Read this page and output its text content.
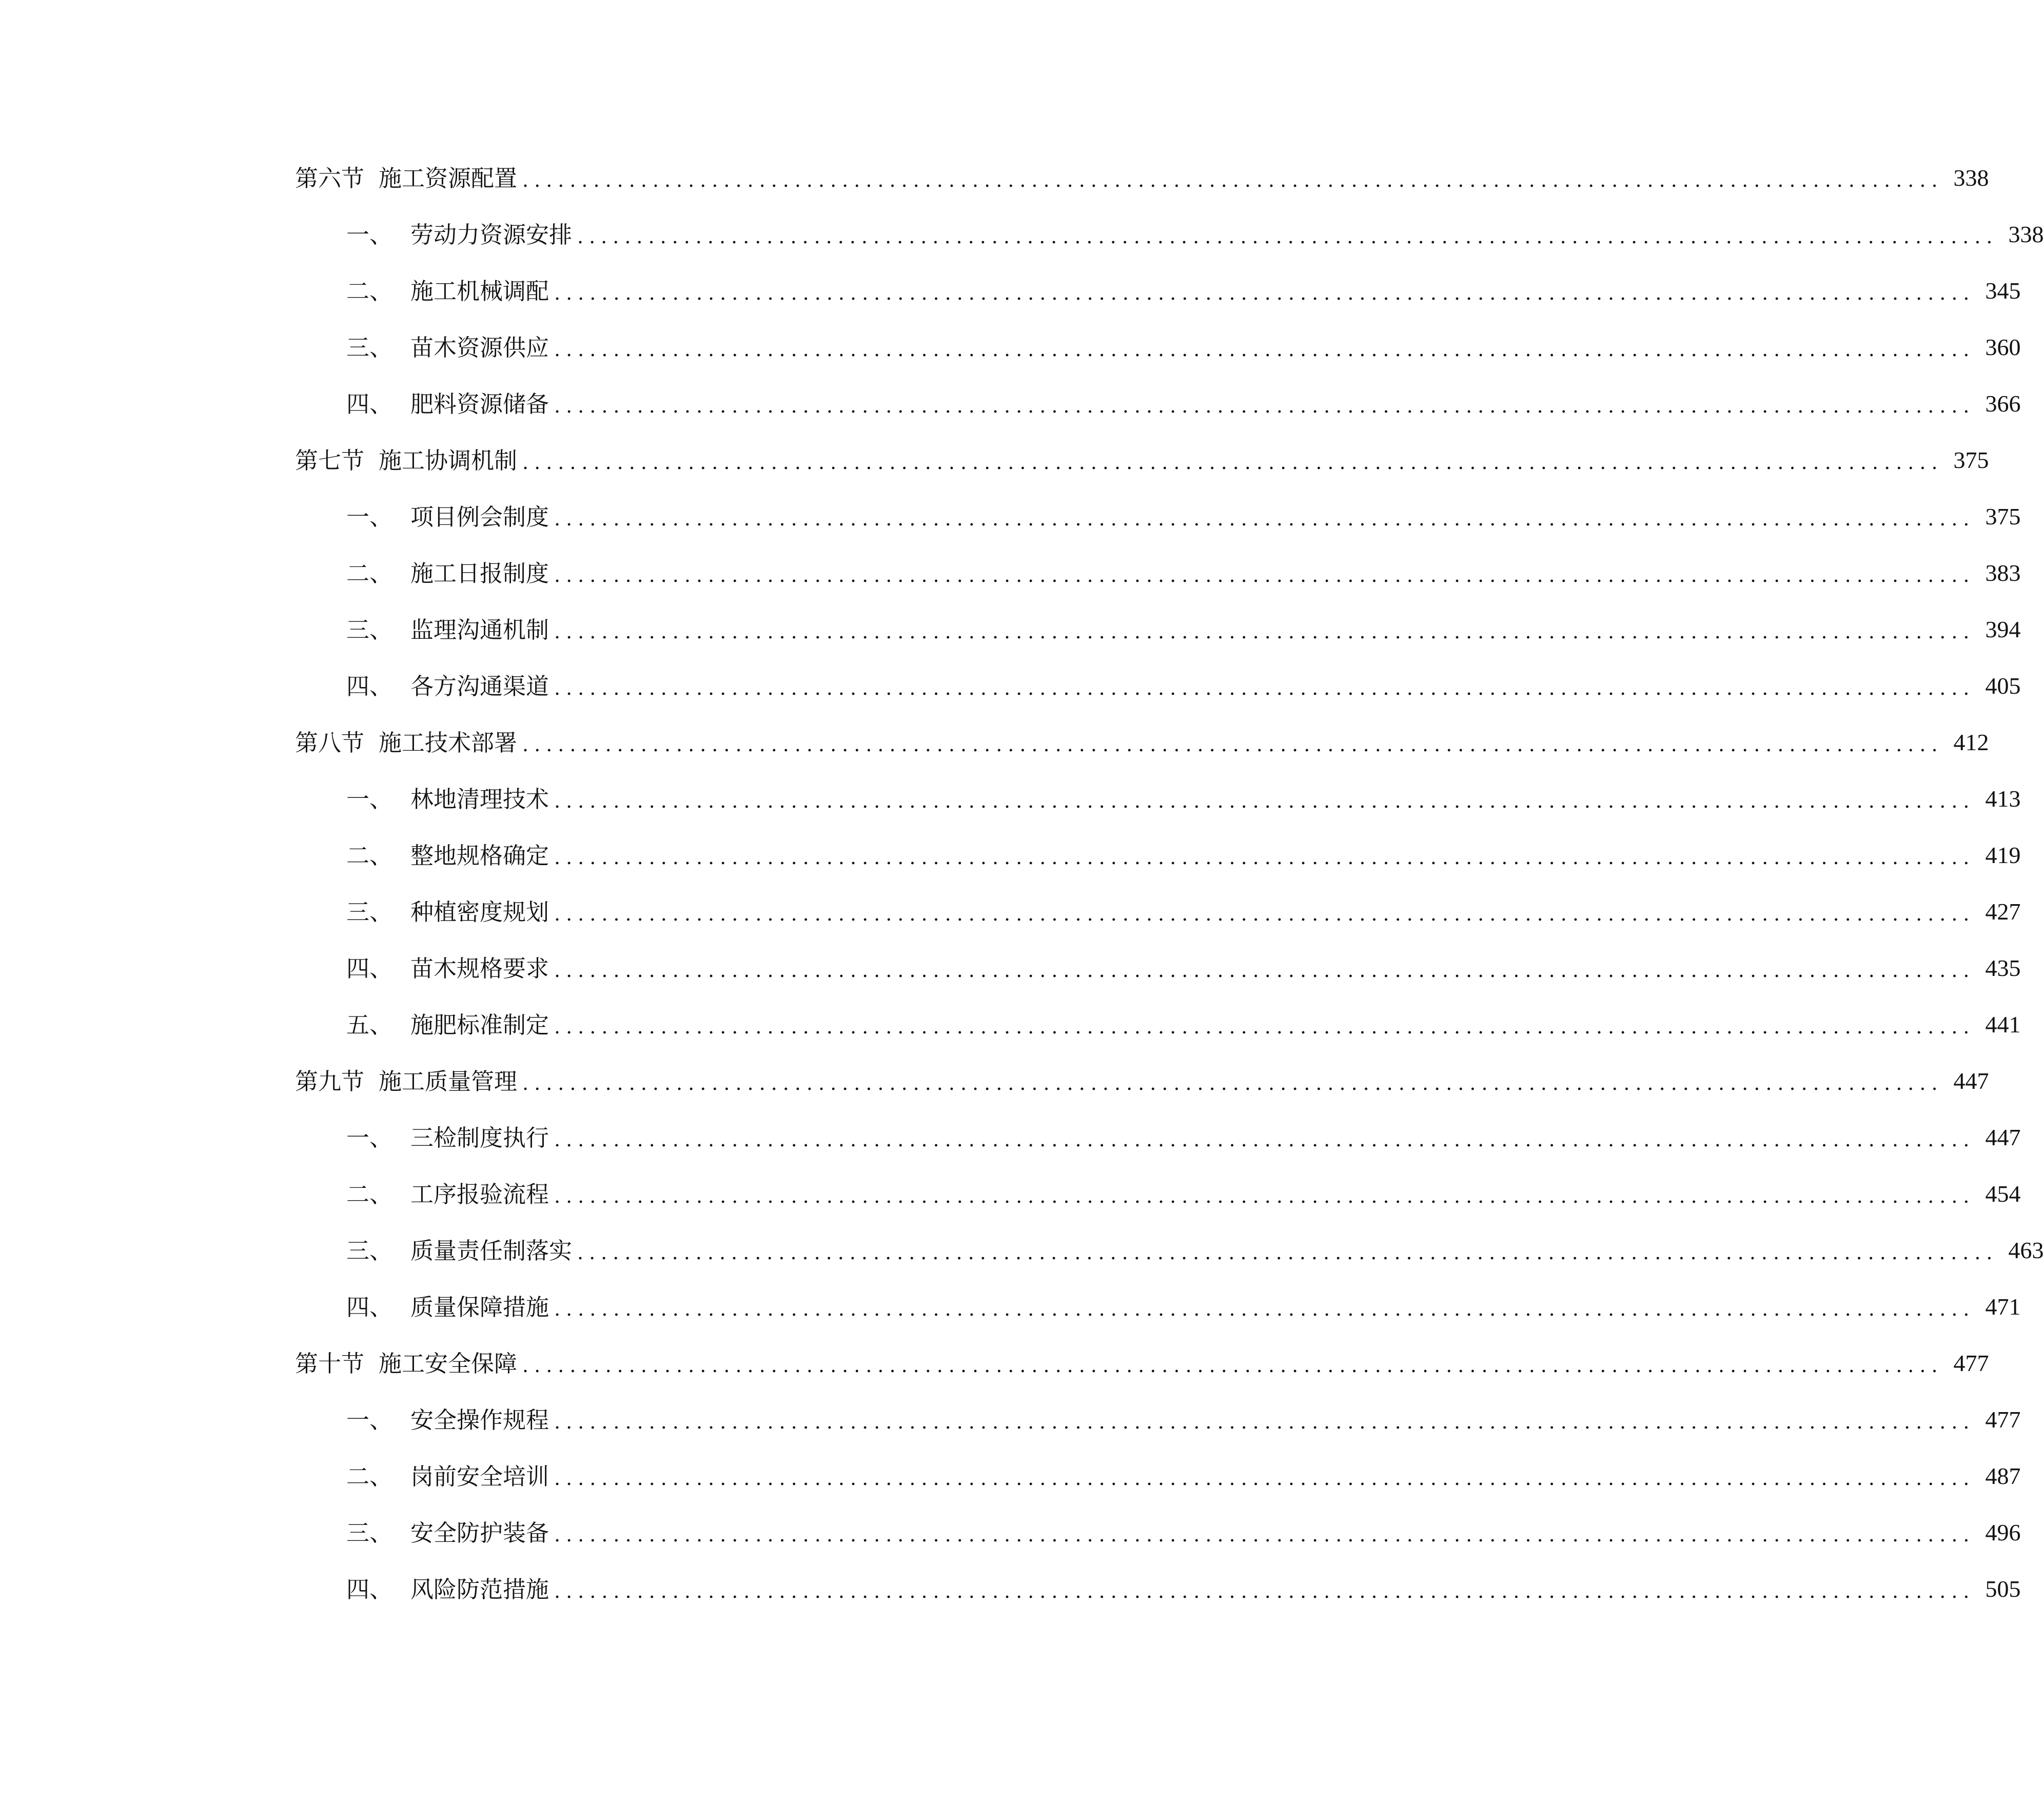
第六节 施工资源配置 ........................................................................................................................ 338
一、 劳动力资源安排 ........................................................................................................................ 338
二、 施工机械调配 ........................................................................................................................ 345
三、 苗木资源供应 ........................................................................................................................ 360
四、 肥料资源储备 ........................................................................................................................ 366
第七节 施工协调机制 ........................................................................................................................ 375
一、 项目例会制度 ........................................................................................................................ 375
二、 施工日报制度 ........................................................................................................................ 383
三、 监理沟通机制 ........................................................................................................................ 394
四、 各方沟通渠道 ........................................................................................................................ 405
第八节 施工技术部署 ........................................................................................................................ 412
一、 林地清理技术 ........................................................................................................................ 413
二、 整地规格确定 ........................................................................................................................ 419
三、 种植密度规划 ........................................................................................................................ 427
四、 苗木规格要求 ........................................................................................................................ 435
五、 施肥标准制定 ........................................................................................................................ 441
第九节 施工质量管理 ........................................................................................................................ 447
一、 三检制度执行 ........................................................................................................................ 447
二、 工序报验流程 ........................................................................................................................ 454
三、 质量责任制落实 ........................................................................................................................ 463
四、 质量保障措施 ........................................................................................................................ 471
第十节 施工安全保障 ........................................................................................................................ 477
一、 安全操作规程 ........................................................................................................................ 477
二、 岗前安全培训 ........................................................................................................................ 487
三、 安全防护装备 ........................................................................................................................ 496
四、 风险防范措施 ........................................................................................................................ 505
